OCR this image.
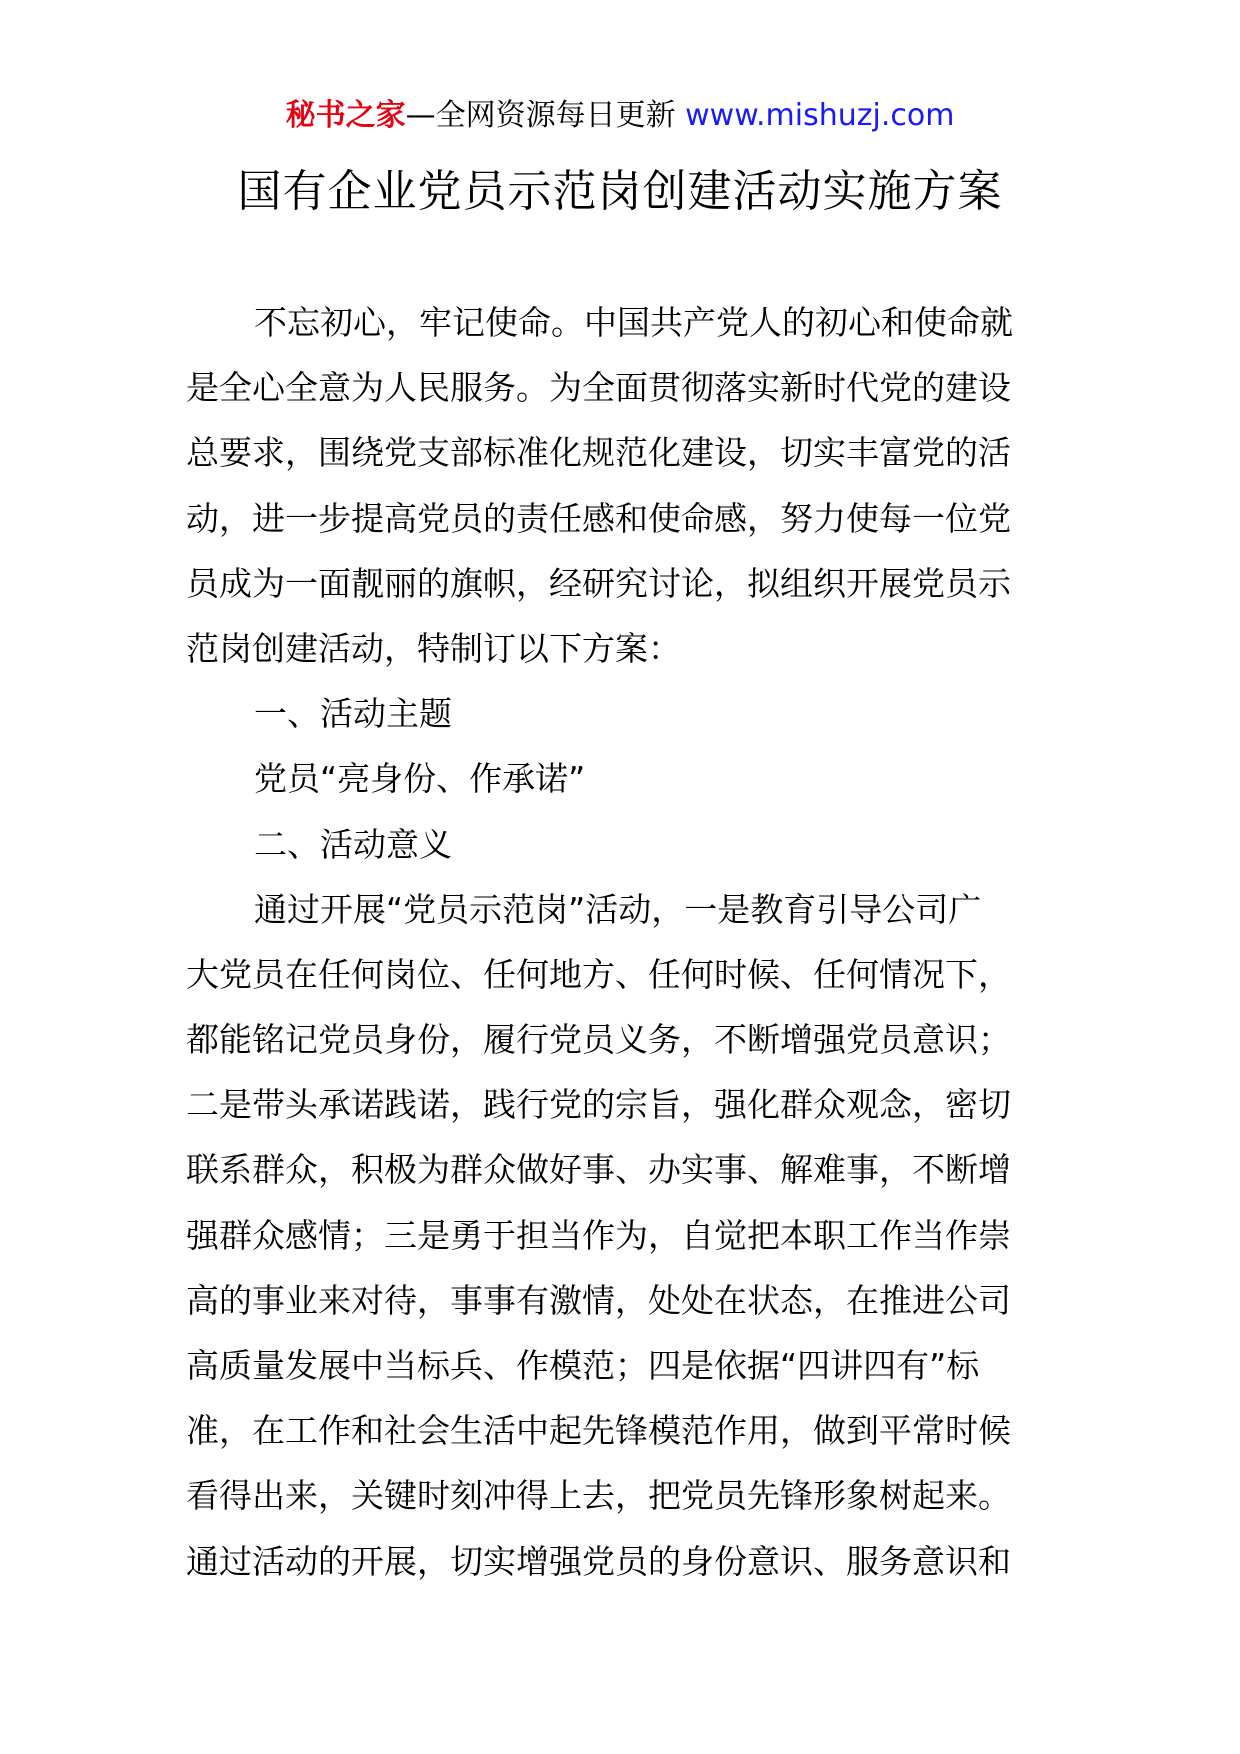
秘书之家—全网资源每日更新 www.mishuzj.com
国有企业党员示范岗创建活动实施方案
不忘初心，牢记使命。中国共产党人的初心和使命就
是全心全意为人民服务。为全面贯彻落实新时代党的建设
总要求，围绕党支部标准化规范化建设，切实丰富党的活
动，进一步提高党员的责任感和使命感，努力使每一位党
员成为一面靓丽的旗帜，经研究讨论，拟组织开展党员示
范岗创建活动，特制订以下方案：
一、活动主题
党员“亮身份、作承诺”
二、活动意义
通过开展“党员示范岗”活动，一是教育引导公司广
大党员在任何岗位、任何地方、任何时候、任何情况下，
都能铭记党员身份，履行党员义务，不断增强党员意识；
二是带头承诺践诺，践行党的宗旨，强化群众观念，密切
联系群众，积极为群众做好事、办实事、解难事，不断增
强群众感情；三是勇于担当作为，自觉把本职工作当作崇
高的事业来对待，事事有激情，处处在状态，在推进公司
高质量发展中当标兵、作模范；四是依据“四讲四有”标
准，在工作和社会生活中起先锋模范作用，做到平常时候
看得出来，关键时刻冲得上去，把党员先锋形象树起来。
通过活动的开展，切实增强党员的身份意识、服务意识和
